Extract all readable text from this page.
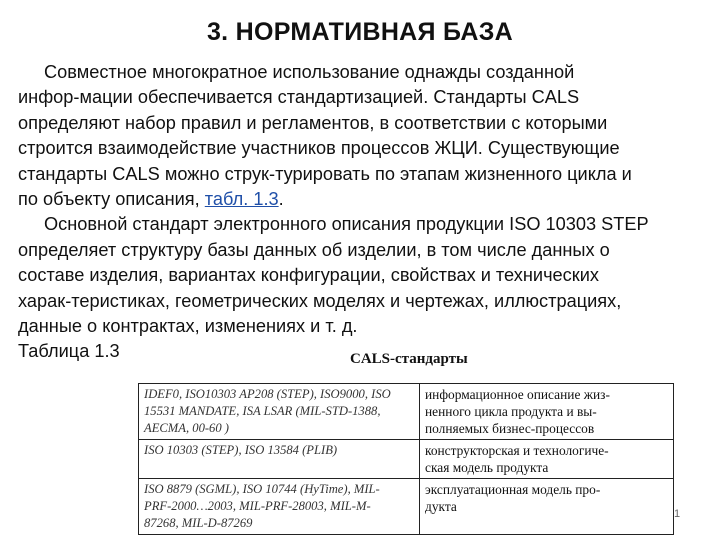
3. НОРМАТИВНАЯ БАЗА

Совместное многократное использование однажды созданной
инфор-мации обеспечивается стандартизацией. Стандарты CALS
определяют набор правил и регламентов, в соответствии с которыми
строится взаимодействие участников процессов ЖЦИ. Существующие
стандарты CALS можно струк-турировать по этапам жизненного цикла и
по объекту описания, табл. 1.3.

Основной стандарт электронного описания продукции ISO 10303 STEP
определяет структуру базы данных об изделии, в том числе данных о
составе изделия, вариантах конфигурации, свойствах и технических
харак-теристиках, геометрических моделях и чертежах, иллюстрациях,
данные о контрактах, изменениях и т. д.

Таблица 1.3	CALS-стандарты
IDEF0, ISO10303 AP208 (STEP), ISO9000, ISO
15531 MANDATE, ISA LSAR (MIL-STD-1388,
AECMA, 00-60 )	информационное описание жиз-
ненного цикла продукта и вы-
полняемых бизнес-процессов
ISO 10303 (STEP), ISO 13584 (PLIB)	конструкторская и технологиче-
ская модель продукта
ISO 8879 (SGML), ISO 10744 (HyTime), MIL-
PRF-2000…2003, MIL-PRF-28003, MIL-M-
87268, MIL-D-87269	эксплуатационная модель про-
дукта	1
